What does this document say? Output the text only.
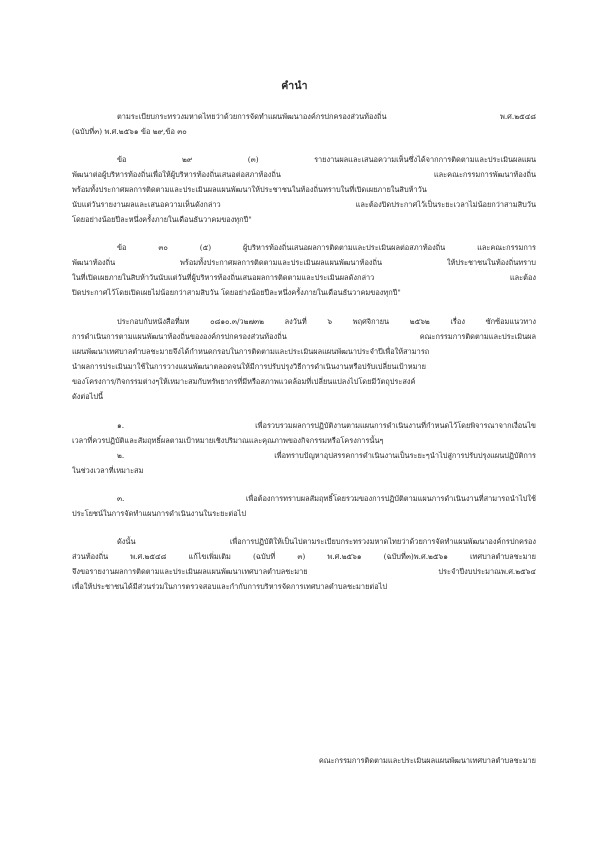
คำนำ
ตามระเบียบกระทรวงมหาดไทยว่าด้วยการจัดทำแผนพัฒนาองค์กรปกครองส่วนท้องถิ่น พ.ศ.๒๕๔๘
(ฉบับที่๓) พ.ศ.๒๕๖๑ ข้อ ๒๙,ข้อ ๓๐
ข้อ ๒๙ (๓) รายงานผลและเสนอความเห็นซึ่งได้จากการติดตามและประเมินผลแผน
พัฒนาต่อผู้บริหารท้องถิ่นเพื่อให้ผู้บริหารท้องถิ่นเสนอต่อสภาท้องถิ่น และคณะกรรมการพัฒนาท้องถิ่น
พร้อมทั้งประกาศผลการติดตามและประเมินผลแผนพัฒนาให้ประชาชนในท้องถิ่นทราบในที่เปิดเผยภายในสิบห้าวัน
นับแต่วันรายงานผลและเสนอความเห็นดังกล่าว และต้องปิดประกาศไว้เป็นระยะเวลาไม่น้อยกว่าสามสิบวัน
โดยอย่างน้อยปีละหนึ่งครั้งภายในเดือนธันวาคมของทุกปี"
ข้อ ๓๐ (๕) ผู้บริหารท้องถิ่นเสนอผลการติดตามและประเมินผลต่อสภาท้องถิ่น และคณะกรรมการ
พัฒนาท้องถิ่น พร้อมทั้งประกาศผลการติดตามและประเมินผลแผนพัฒนาท้องถิ่น ให้ประชาชนในท้องถิ่นทราบ
ในที่เปิดเผยภายในสิบห้าวันนับแต่วันที่ผู้บริหารท้องถิ่นเสนอผลการติดตามและประเมินผลดังกล่าว และต้อง
ปิดประกาศไว้โดยเปิดเผยไม่น้อยกว่าสามสิบวัน โดยอย่างน้อยปีละหนึ่งครั้งภายในเดือนธันวาคมของทุกปี"
ประกอบกับหนังสือที่มท ๐๘๑๐.๓/ว๒๗๓๒ ลงวันที่ ๖ พฤศจิกายน ๒๕๖๒ เรื่อง ซักซ้อมแนวทาง
การดำเนินการตามแผนพัฒนาท้องถิ่นขององค์กรปกครองส่วนท้องถิ่น คณะกรรมการติดตามและประเมินผล
แผนพัฒนาเทศบาลตำบลชะมายจึงได้กำหนดกรอบในการติดตามและประเมินผลแผนพัฒนาประจำปีเพื่อให้สามารถ
นำผลการประเมินมาใช้ในการวางแผนพัฒนาตลอดจนให้มีการปรับปรุงวิธีการดำเนินงานหรือปรับเปลี่ยนเป้าหมาย
ของโครงการ/กิจกรรมต่างๆให้เหมาะสมกับทรัพยากรที่มีหรือสภาพแวดล้อมที่เปลี่ยนแปลงไปโดยมีวัตถุประสงค์
ดังต่อไปนี้
๑. เพื่อรวบรวมผลการปฏิบัติงานตามแผนการดำเนินงานที่กำหนดไว้โดยพิจารณาจากเงื่อนไข
เวลาที่ควรปฏิบัติและสัมฤทธิ์ผลตามเป้าหมายเชิงปริมาณและคุณภาพของกิจกรรมหรือโครงการนั้นๆ
๒. เพื่อทราบปัญหาอุปสรรคการดำเนินงานเป็นระยะๆนำไปสู่การปรับปรุงแผนปฏิบัติการ
ในช่วงเวลาที่เหมาะสม
๓. เพื่อต้องการทราบผลสัมฤทธิ์โดยรวมของการปฏิบัติตามแผนการดำเนินงานที่สามารถนำไปใช้
ประโยชน์ในการจัดทำแผนการดำเนินงานในระยะต่อไป
ดังนั้น เพื่อการปฏิบัติให้เป็นไปตามระเบียบกระทรวงมหาดไทยว่าด้วยการจัดทำแผนพัฒนาองค์กรปกครอง
ส่วนท้องถิ่น พ.ศ.๒๕๔๘ แก้ไขเพิ่มเติม (ฉบับที่ ๓) พ.ศ.๒๕๖๑ (ฉบับที่๓)พ.ศ.๒๕๖๑ เทศบาลตำบลชะมาย
จึงขอรายงานผลการติดตามและประเมินผลแผนพัฒนาเทศบาลตำบลชะมาย ประจำปีงบประมาณพ.ศ.๒๕๖๔
เพื่อให้ประชาชนได้มีส่วนร่วมในการตรวจสอบและกำกับการบริหารจัดการเทศบาลตำบลชะมายต่อไป
คณะกรรมการติดตามและประเมินผลแผนพัฒนาเทศบาลตำบลชะมาย
